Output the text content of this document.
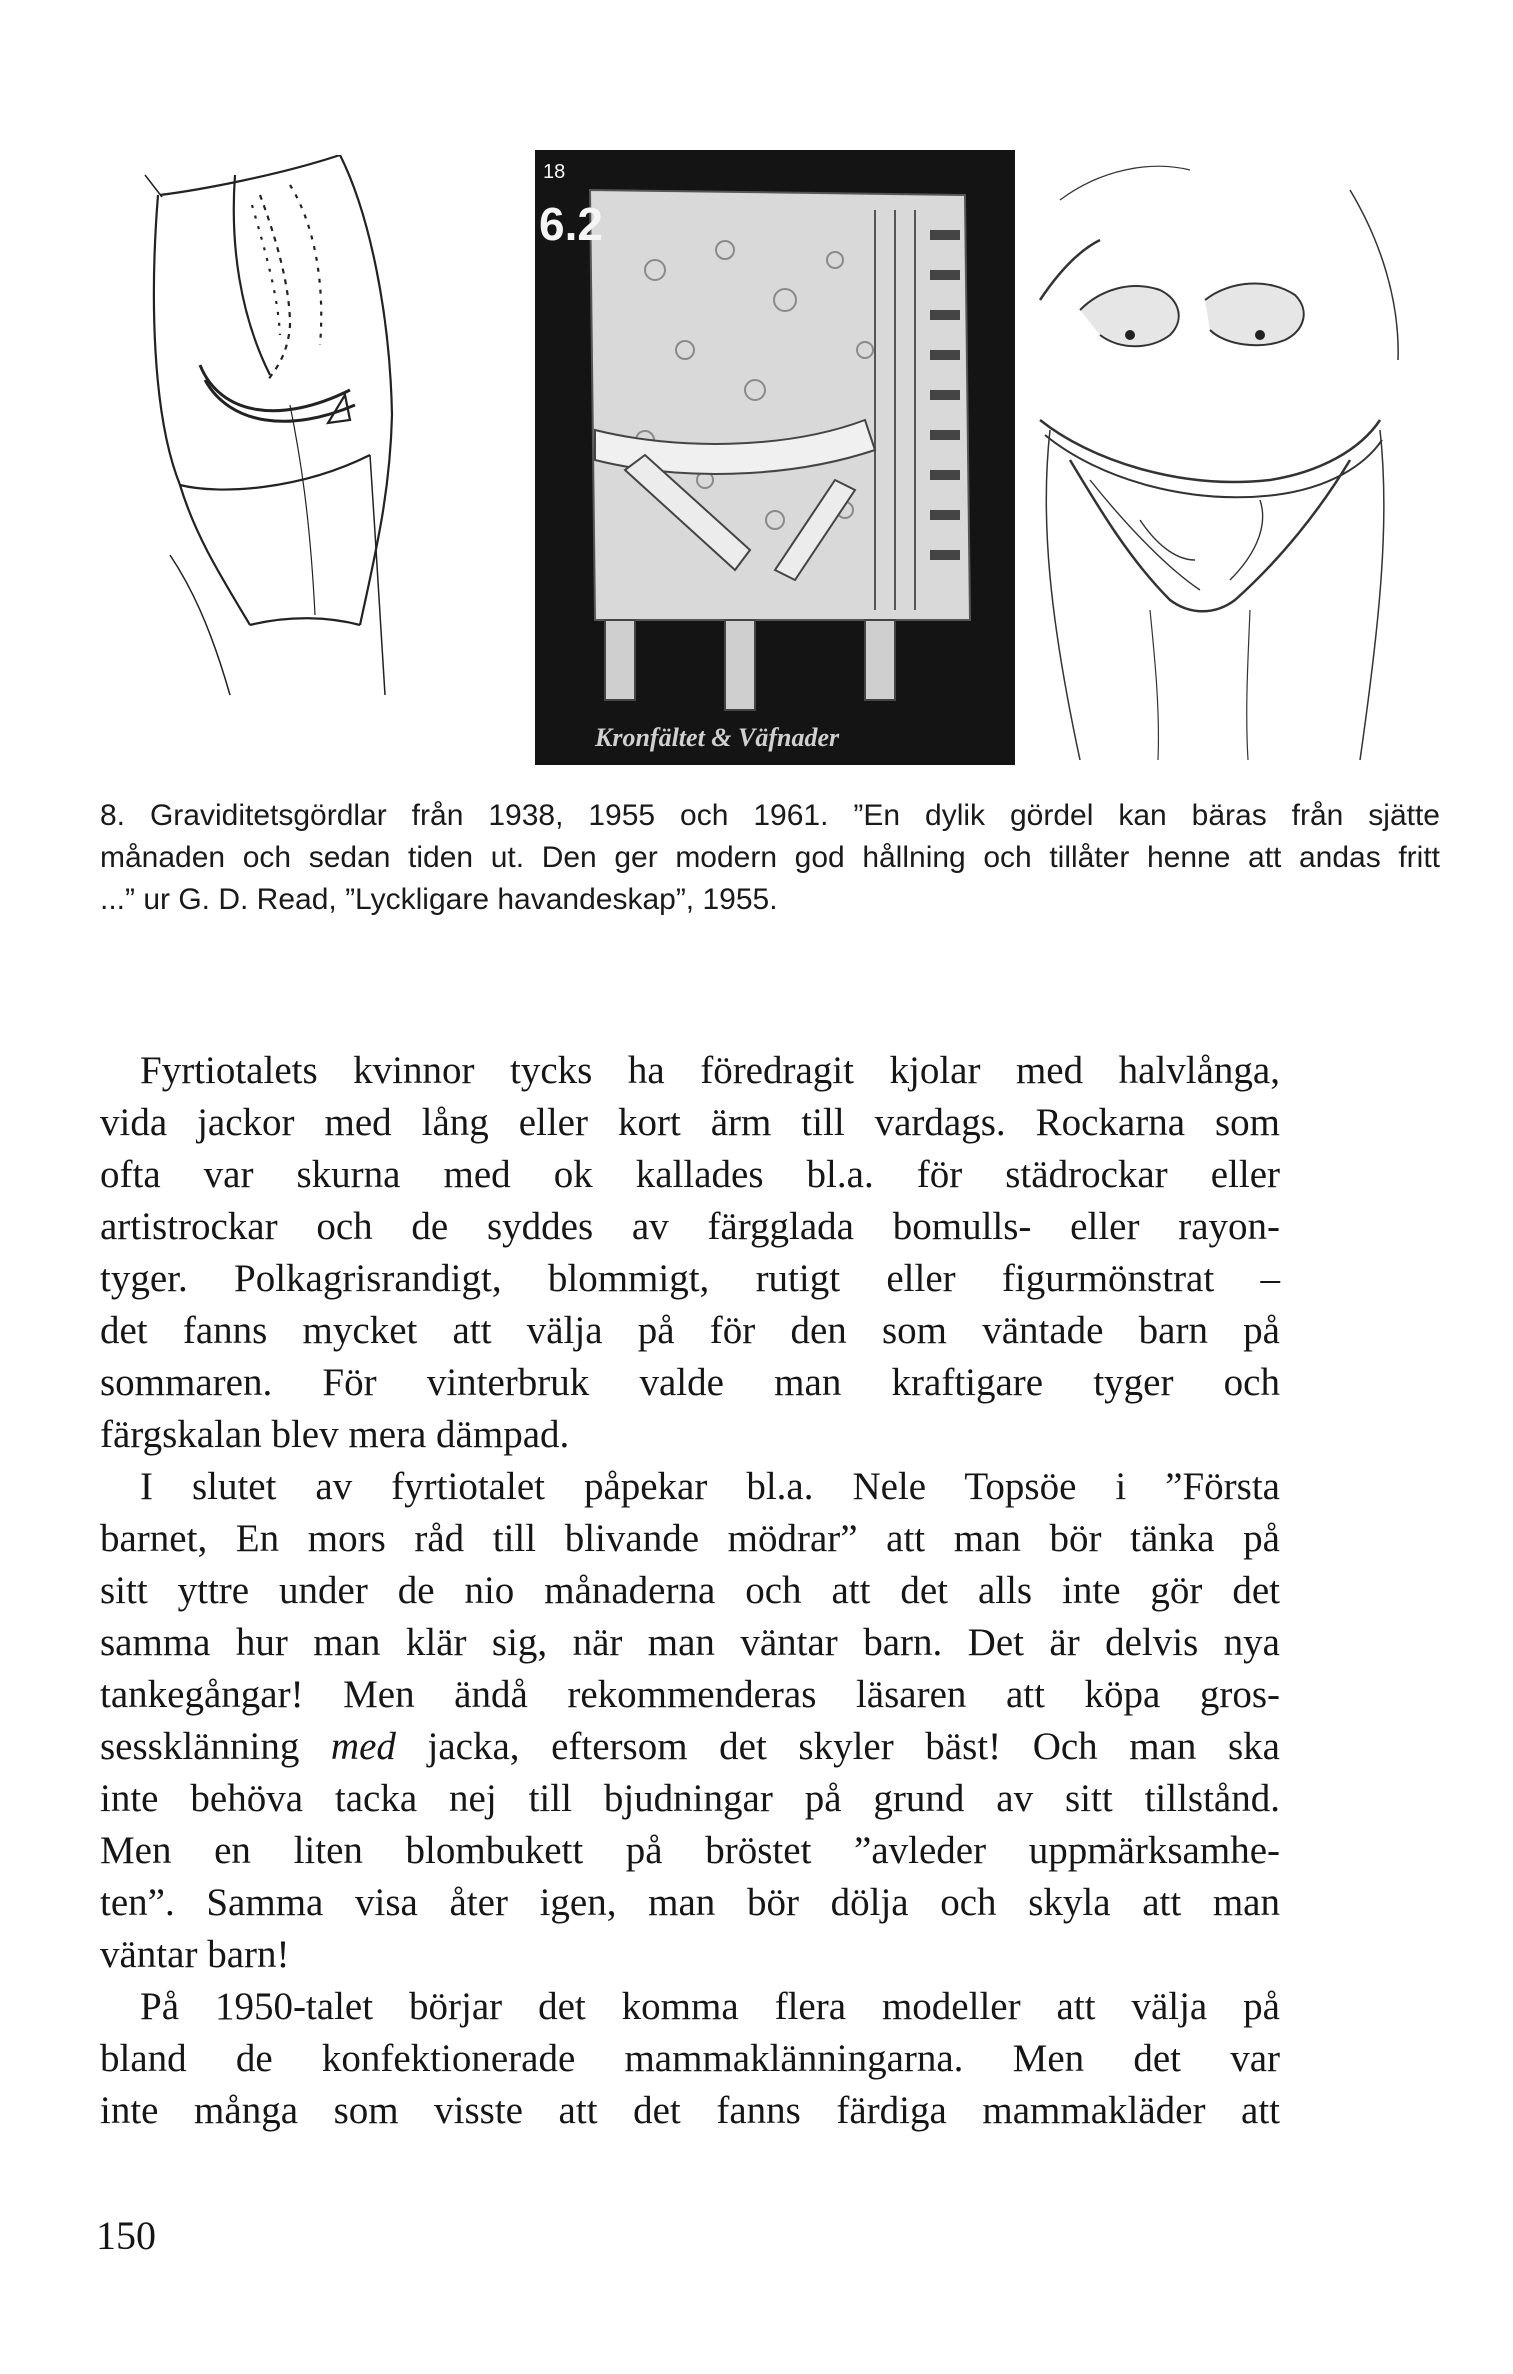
18
6.2
Kronfältet & Väfnader
8. Graviditetsgördlar från 1938, 1955 och 1961. ”En dylik gördel kan bäras från sjätte
månaden och sedan tiden ut. Den ger modern god hållning och tillåter henne att andas fritt
...” ur G. D. Read, ”Lyckligare havandeskap”, 1955.
Fyrtiotalets kvinnor tycks ha föredragit kjolar med halvlånga,
vida jackor med lång eller kort ärm till vardags. Rockarna som
ofta var skurna med ok kallades bl.a. för städrockar eller
artistrockar och de syddes av färgglada bomulls- eller rayon-
tyger. Polkagrisrandigt, blommigt, rutigt eller figurmönstrat –
det fanns mycket att välja på för den som väntade barn på
sommaren. För vinterbruk valde man kraftigare tyger och
färgskalan blev mera dämpad.
I slutet av fyrtiotalet påpekar bl.a. Nele Topsöe i ”Första
barnet, En mors råd till blivande mödrar” att man bör tänka på
sitt yttre under de nio månaderna och att det alls inte gör det
samma hur man klär sig, när man väntar barn. Det är delvis nya
tankegångar! Men ändå rekommenderas läsaren att köpa gros-
sessklänning med jacka, eftersom det skyler bäst! Och man ska
inte behöva tacka nej till bjudningar på grund av sitt tillstånd.
Men en liten blombukett på bröstet ”avleder uppmärksamhe-
ten”. Samma visa åter igen, man bör dölja och skyla att man
väntar barn!
På 1950-talet börjar det komma flera modeller att välja på
bland de konfektionerade mammaklänningarna. Men det var
inte många som visste att det fanns färdiga mammakläder att
150
